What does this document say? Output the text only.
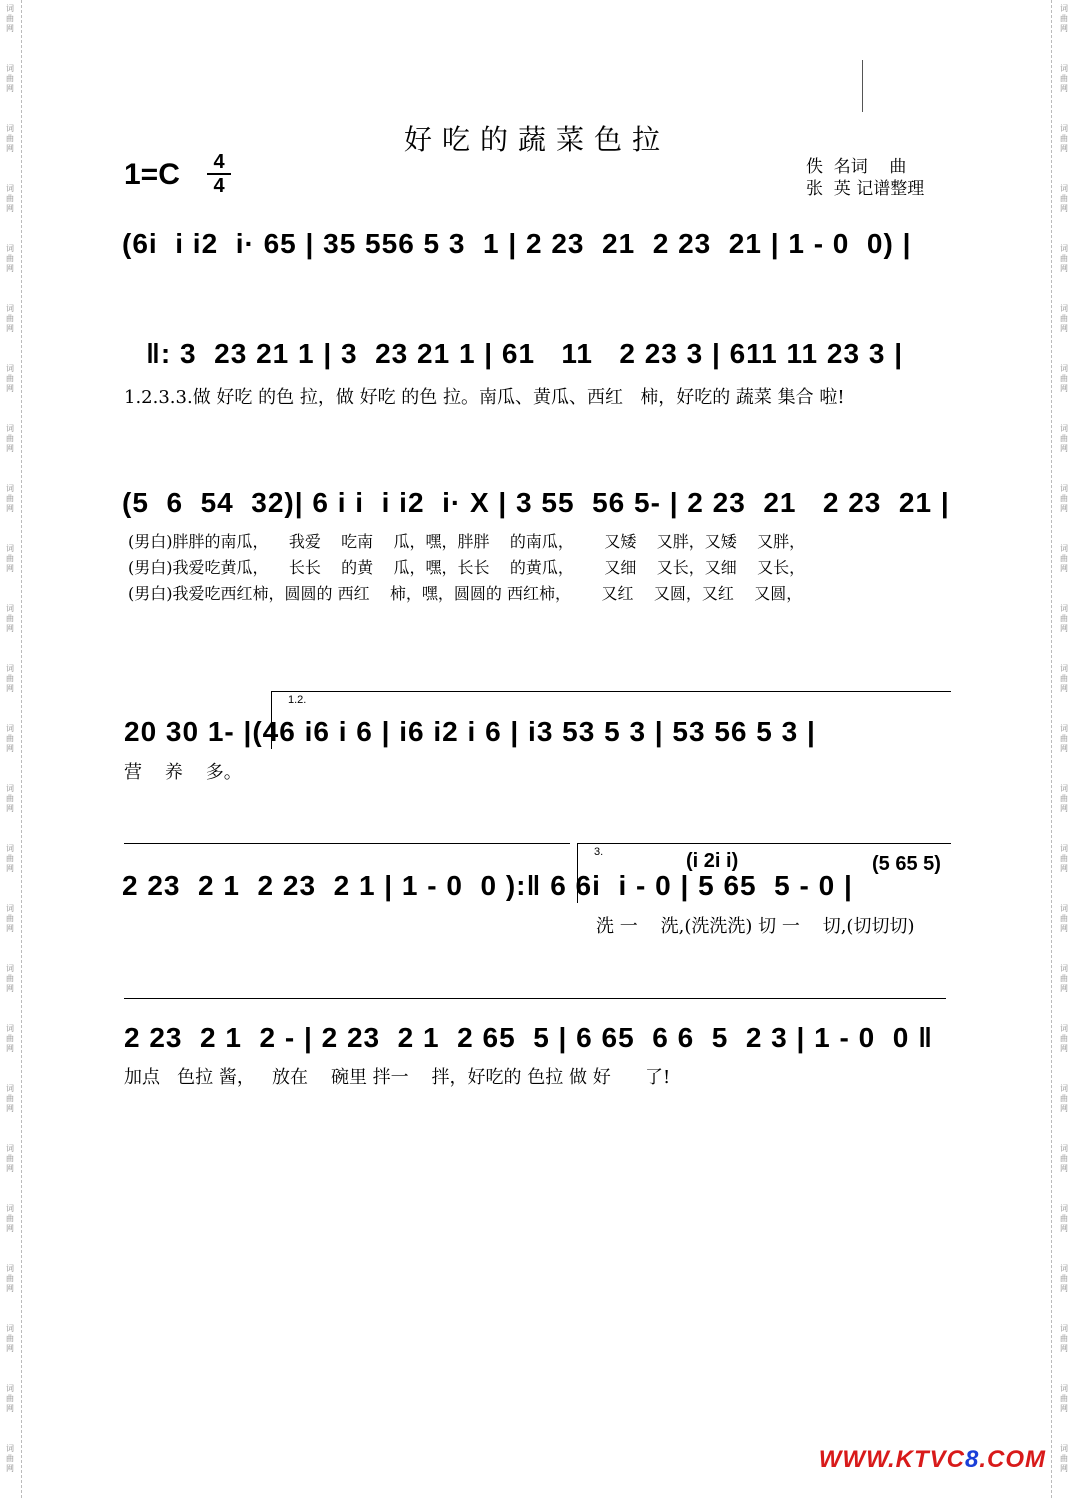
词
曲
网
词
曲
网
词
曲
网
词
曲
网
词
曲
网
词
曲
网
词
曲
网
词
曲
网
词
曲
网
词
曲
网
词
曲
网
词
曲
网
词
曲
网
词
曲
网
词
曲
网
词
曲
网
词
曲
网
词
曲
网
词
曲
网
词
曲
网
词
曲
网
词
曲
网
词
曲
网
词
曲
网
词
曲
网
词
曲
网
词
曲
网
词
曲
网
词
曲
网
词
曲
网
词
曲
网
词
曲
网
词
曲
网
词
曲
网
词
曲
网
词
曲
网
词
曲
网
词
曲
网
词
曲
网
词
曲
网
词
曲
网
词
曲
网
词
曲
网
词
曲
网
词
曲
网
词
曲
网
词
曲
网
词
曲
网
词
曲
网
词
曲
网
好吃的蔬菜色拉
1=C	4
4
佚  名词    曲
张  英 记谱整理
(6i  i i2  i· 65 | 35 556 5 3  1 | 2 23  21  2 23  21 | 1 - 0  0) |
‖: 3  23 21 1 | 3  23 21 1 | 61   11   2 23 3 | 611 11 23 3 |
1.2.3.3.做 好吃 的色 拉，做 好吃 的色 拉。南瓜、黄瓜、西红   柿，好吃的 蔬菜 集合 啦!
(5  6  54  32)| 6 i i  i i2  i· X | 3 55  56 5- | 2 23  21   2 23  21 |
(男白)胖胖的南瓜，    我爱    吃南    瓜，嘿，胖胖    的南瓜，      又矮    又胖，又矮    又胖，
(男白)我爱吃黄瓜，    长长    的黄    瓜，嘿，长长    的黄瓜，      又细    又长，又细    又长，
(男白)我爱吃西红柿，圆圆的 西红    柿，嘿，圆圆的 西红柿，      又红    又圆，又红    又圆，
1.2.
20 30 1- |(46 i6 i 6 | i6 i2 i 6 | i3 53 5 3 | 53 56 5 3 |
营    养    多。
3.	(i 2i i)	(5 65 5)
2 23  2 1  2 23  2 1 | 1 - 0  0 ):‖ 6 6i  i - 0 | 5 65  5 - 0 |
洗 一    洗,(洗洗洗) 切 一    切,(切切切)
2 23  2 1  2 - | 2 23  2 1  2 65  5 | 6 65  6 6  5  2 3 | 1 - 0  0 ‖
加点   色拉 酱，   放在    碗里 拌一    拌，好吃的 色拉 做 好      了!
WWW.KTVC8.COM
